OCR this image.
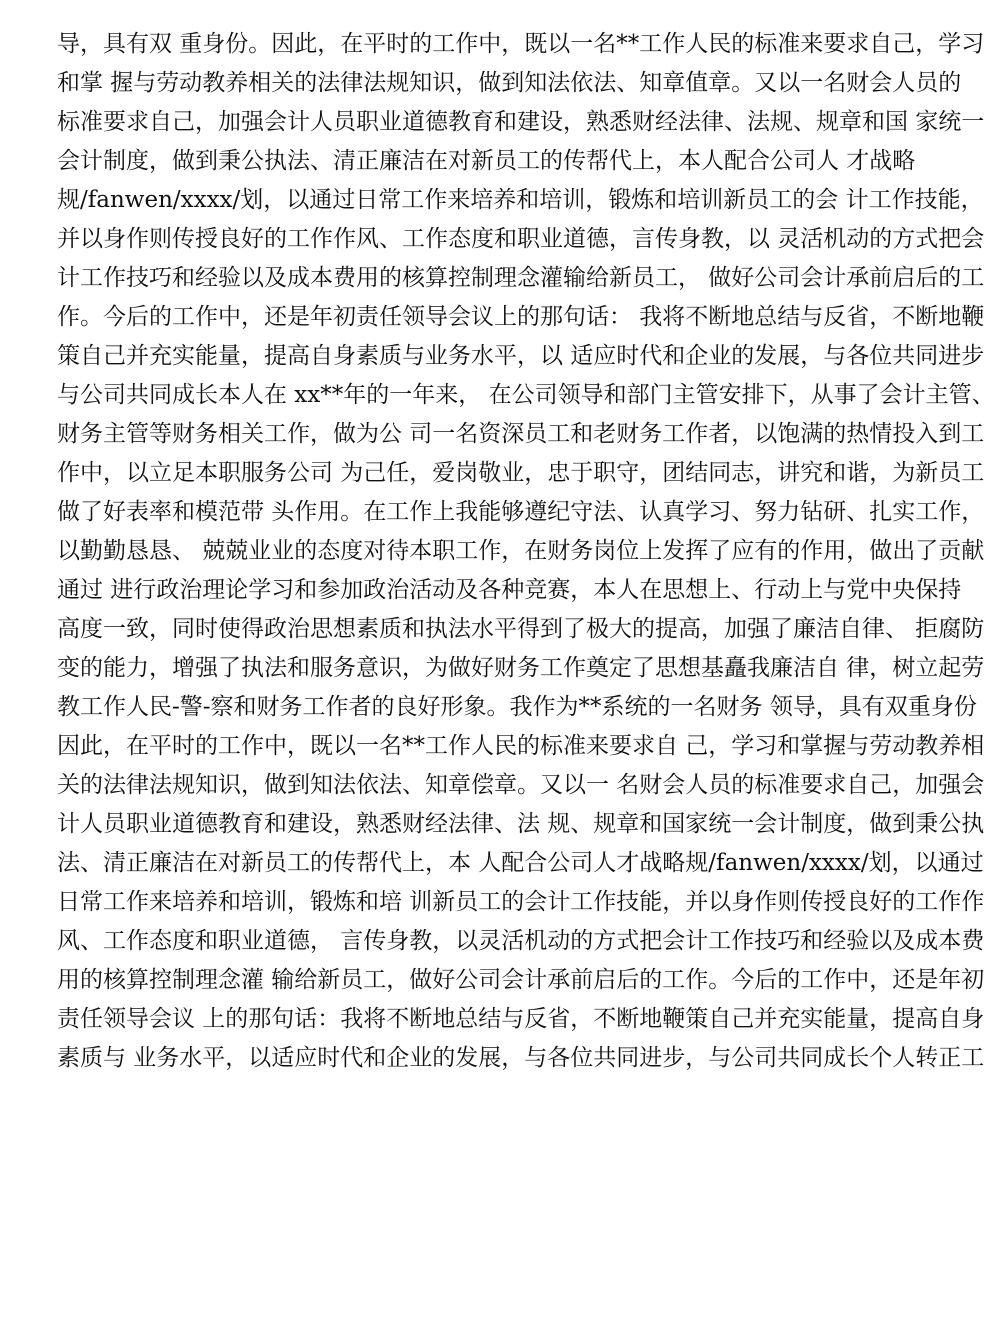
导，具有双 重身份。因此，在平时的工作中，既以一名**工作人民的标准来要求自己，学习
和掌 握与劳动教养相关的法律法规知识，做到知法依法、知章值章。又以一名财会人员的
标准要求自己，加强会计人员职业道德教育和建设，熟悉财经法律、法规、规章和国 家统一
会计制度，做到秉公执法、清正廉洁在对新员工的传帮代上，本人配合公司人 才战略
规/fanwen/xxxx/划，以通过日常工作来培养和培训，锻炼和培训新员工的会 计工作技能，
并以身作则传授良好的工作作风、工作态度和职业道德，言传身教，以 灵活机动的方式把会
计工作技巧和经验以及成本费用的核算控制理念灌输给新员工， 做好公司会计承前启后的工
作。今后的工作中，还是年初责任领导会议上的那句话： 我将不断地总结与反省，不断地鞭
策自己并充实能量，提高自身素质与业务水平，以 适应时代和企业的发展，与各位共同进步
与公司共同成长本人在 xx**年的一年来， 在公司领导和部门主管安排下，从事了会计主管、
财务主管等财务相关工作，做为公 司一名资深员工和老财务工作者，以饱满的热情投入到工
作中，以立足本职服务公司 为己任，爱岗敬业，忠于职守，团结同志，讲究和谐，为新员工
做了好表率和模范带 头作用。在工作上我能够遵纪守法、认真学习、努力钻研、扎实工作，
以勤勤恳恳、 兢兢业业的态度对待本职工作，在财务岗位上发挥了应有的作用，做出了贡献
通过 进行政治理论学习和参加政治活动及各种竞赛，本人在思想上、行动上与党中央保持
高度一致，同时使得政治思想素质和执法水平得到了极大的提高，加强了廉洁自律、 拒腐防
变的能力，增强了执法和服务意识，为做好财务工作奠定了思想基矗我廉洁自 律，树立起劳
教工作人民-警-察和财务工作者的良好形象。我作为**系统的一名财务 领导，具有双重身份
因此，在平时的工作中，既以一名**工作人民的标准来要求自 己，学习和掌握与劳动教养相
关的法律法规知识，做到知法依法、知章偿章。又以一 名财会人员的标准要求自己，加强会
计人员职业道德教育和建设，熟悉财经法律、法 规、规章和国家统一会计制度，做到秉公执
法、清正廉洁在对新员工的传帮代上，本 人配合公司人才战略规/fanwen/xxxx/划，以通过
日常工作来培养和培训，锻炼和培 训新员工的会计工作技能，并以身作则传授良好的工作作
风、工作态度和职业道德， 言传身教，以灵活机动的方式把会计工作技巧和经验以及成本费
用的核算控制理念灌 输给新员工，做好公司会计承前启后的工作。今后的工作中，还是年初
责任领导会议 上的那句话：我将不断地总结与反省，不断地鞭策自己并充实能量，提高自身
素质与 业务水平，以适应时代和企业的发展，与各位共同进步，与公司共同成长个人转正工
